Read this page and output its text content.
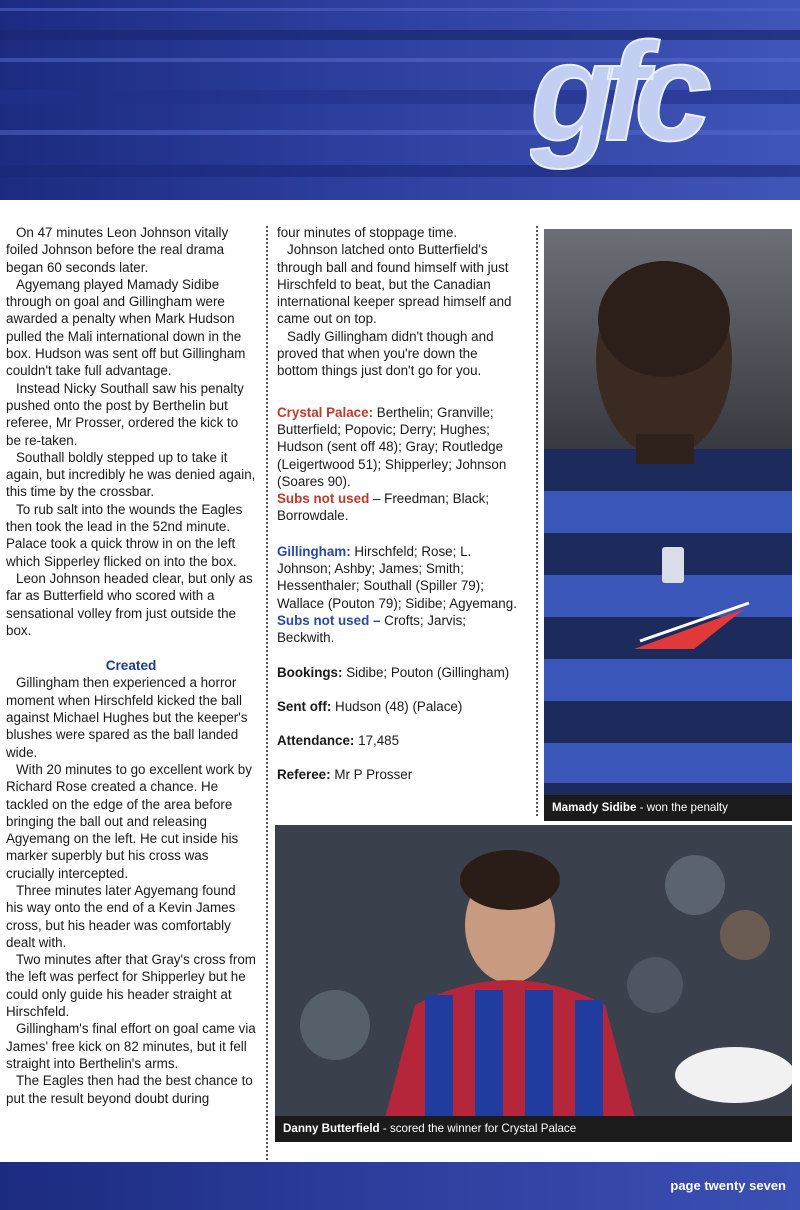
gfc

On 47 minutes Leon Johnson vitally foiled Johnson before the real drama began 60 seconds later.

Agyemang played Mamady Sidibe through on goal and Gillingham were awarded a penalty when Mark Hudson pulled the Mali international down in the box. Hudson was sent off but Gillingham couldn't take full advantage.

Instead Nicky Southall saw his penalty pushed onto the post by Berthelin but referee, Mr Prosser, ordered the kick to be re-taken.

Southall boldly stepped up to take it again, but incredibly he was denied again, this time by the crossbar.

To rub salt into the wounds the Eagles then took the lead in the 52nd minute. Palace took a quick throw in on the left which Sipperley flicked on into the box.

Leon Johnson headed clear, but only as far as Butterfield who scored with a sensational volley from just outside the box.

Created

Gillingham then experienced a horror moment when Hirschfeld kicked the ball against Michael Hughes but the keeper's blushes were spared as the ball landed wide.

With 20 minutes to go excellent work by Richard Rose created a chance. He tackled on the edge of the area before bringing the ball out and releasing Agyemang on the left. He cut inside his marker superbly but his cross was crucially intercepted.

Three minutes later Agyemang found his way onto the end of a Kevin James cross, but his header was comfortably dealt with.

Two minutes after that Gray's cross from the left was perfect for Shipperley but he could only guide his header straight at Hirschfeld.

Gillingham's final effort on goal came via James' free kick on 82 minutes, but it fell straight into Berthelin's arms.

The Eagles then had the best chance to put the result beyond doubt during

four minutes of stoppage time.

Johnson latched onto Butterfield's through ball and found himself with just Hirschfeld to beat, but the Canadian international keeper spread himself and came out on top.

Sadly Gillingham didn't though and proved that when you're down the bottom things just don't go for you.

Crystal Palace: Berthelin; Granville; Butterfield; Popovic; Derry; Hughes; Hudson (sent off 48); Gray; Routledge (Leigertwood 51); Shipperley; Johnson (Soares 90).

Subs not used – Freedman; Black; Borrowdale.

Gillingham: Hirschfeld; Rose; L. Johnson; Ashby; James; Smith; Hessenthaler; Southall (Spiller 79); Wallace (Pouton 79); Sidibe; Agyemang.

Subs not used – Crofts; Jarvis; Beckwith.

Bookings: Sidibe; Pouton (Gillingham)

Sent off: Hudson (48) (Palace)

Attendance: 17,485

Referee: Mr P Prosser

Mamady Sidibe - won the penalty
Danny Butterfield - scored the winner for Crystal Palace
page twenty seven
